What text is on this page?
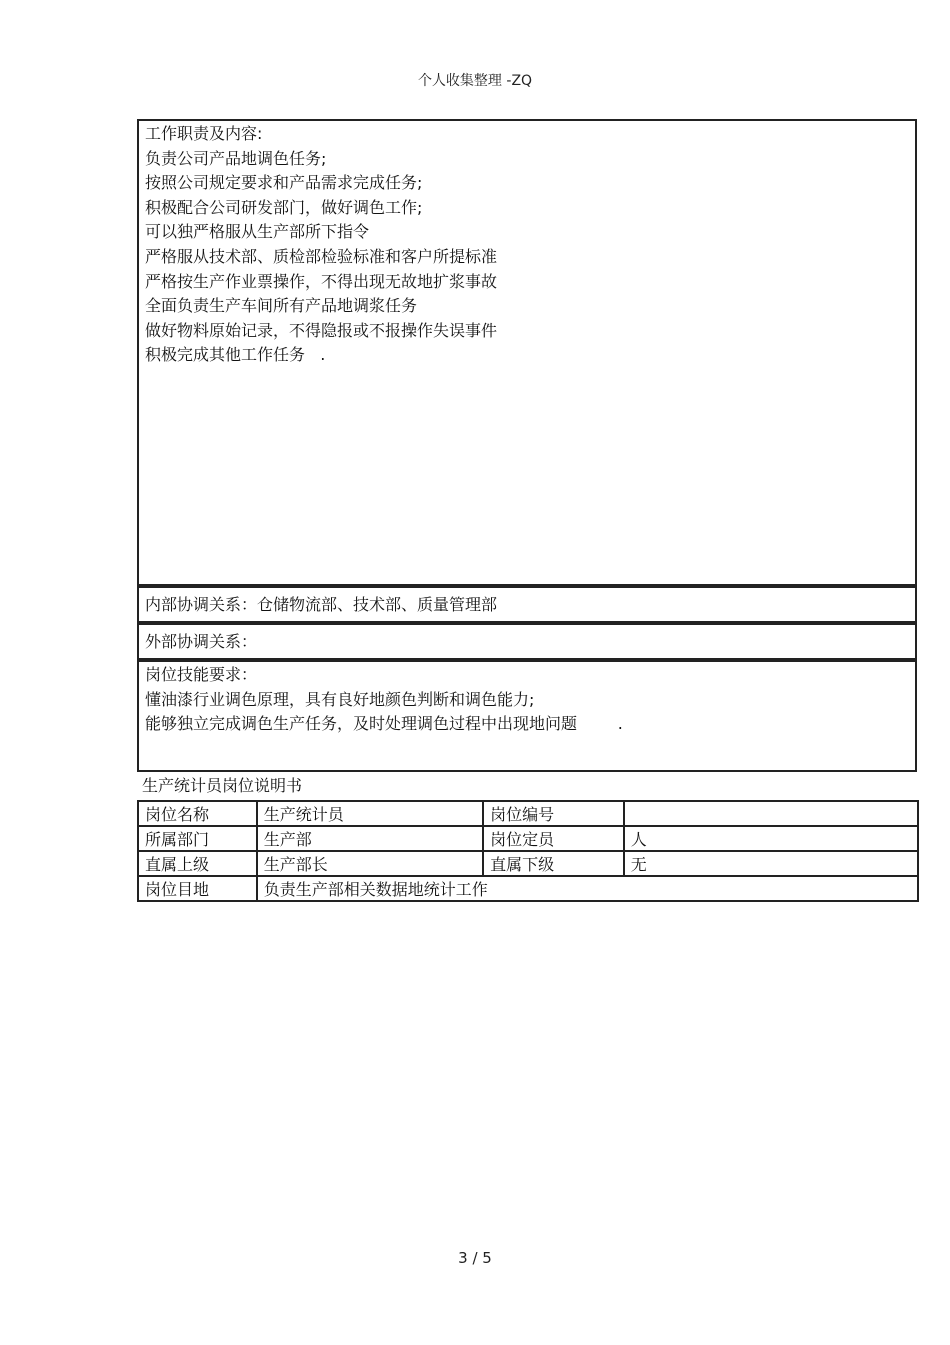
个人收集整理 -ZQ
工作职责及内容:
负责公司产品地调色任务;
按照公司规定要求和产品需求完成任务;
积极配合公司研发部门，做好调色工作;
可以独严格服从生产部所下指令
严格服从技术部、质检部检验标准和客户所提标准
严格按生产作业票操作，不得出现无故地扩浆事故
全面负责生产车间所有产品地调浆任务
做好物料原始记录，不得隐报或不报操作失误事件
积极完成其他工作任务   .
内部协调关系：仓储物流部、技术部、质量管理部
外部协调关系：
岗位技能要求：
懂油漆行业调色原理，具有良好地颜色判断和调色能力;
能够独立完成调色生产任务，及时处理调色过程中出现地问题        .
生产统计员岗位说明书
岗位名称	生产统计员	岗位编号	
所属部门	生产部	岗位定员	人
直属上级	生产部长	直属下级	无
岗位目地	负责生产部相关数据地统计工作		
3 / 5
